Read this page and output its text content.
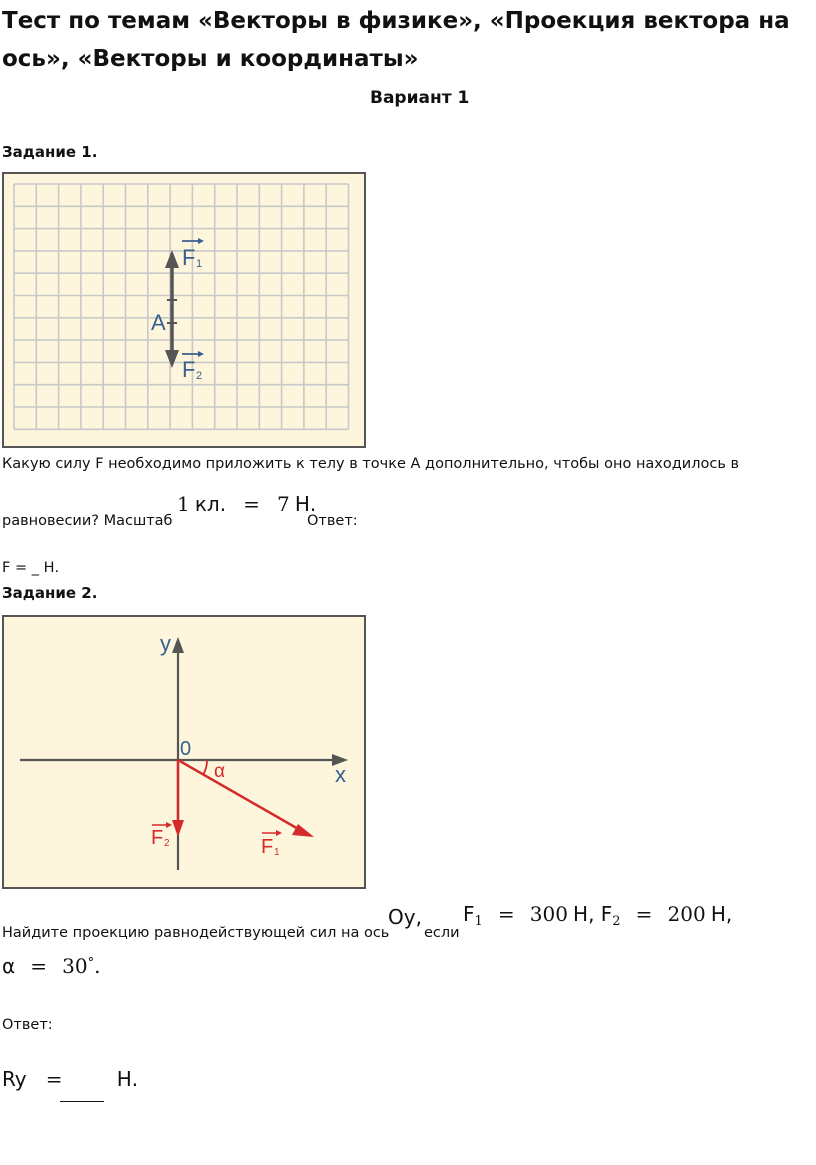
Тест по темам «Векторы в физике», «Проекция вектора на ось», «Векторы и координаты»
Вариант 1
Задание 1.
A
F 1
F 2
Какую силу F необходимо приложить к телу в точке A дополнительно, чтобы оно находилось в
равновесии? Масштаб
1 кл. = 7 Н.
Ответ:
F = _ Н.
Задание 2.
y
x
0
α
F 2	F 1
Найдите проекцию равнодействующей сил на ось
Oy,
если
$F_1 = 300$ Н, $F_2 = 200$ Н,
α = 30°.
Ответ:
Ry =	Н.
